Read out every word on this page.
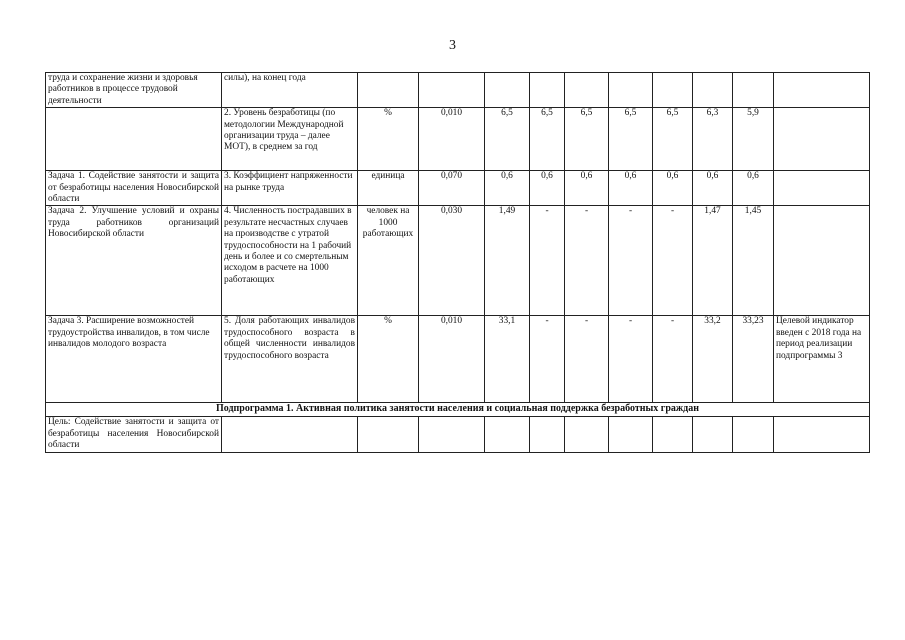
3
труда и сохранение жизни и здоровья работников в процессе трудовой деятельности	силы), на конец года										
	2. Уровень безработицы (по методологии Международной организации труда – далее МОТ), в среднем за год	%	0,010	6,5	6,5	6,5	6,5	6,5	6,3	5,9	
Задача 1. Содействие занятости и защита от безработицы населения Новосибирской области	3. Коэффициент напряженности на рынке труда	единица	0,070	0,6	0,6	0,6	0,6	0,6	0,6	0,6	
Задача 2. Улучшение условий и охраны труда работников организаций Новосибирской области	4. Численность пострадавших в результате несчастных случаев на производстве с утратой трудоспособности на 1 рабочий день и более и со смертельным исходом в расчете на 1000 работающих	человек на 1000 работающих	0,030	1,49	-	-	-	-	1,47	1,45	
Задача 3. Расширение возможностей трудоустройства инвалидов, в том числе инвалидов молодого возраста	5. Доля работающих инвалидов трудоспособного возраста в общей численности инвалидов трудоспособного возраста	%	0,010	33,1	-	-	-	-	33,2	33,23	Целевой индикатор введен с 2018 года на период реализации подпрограммы 3
Подпрограмма 1. Активная политика занятости населения и социальная поддержка безработных граждан											
Цель: Содействие занятости и защита от безработицы населения Новосибирской области											
